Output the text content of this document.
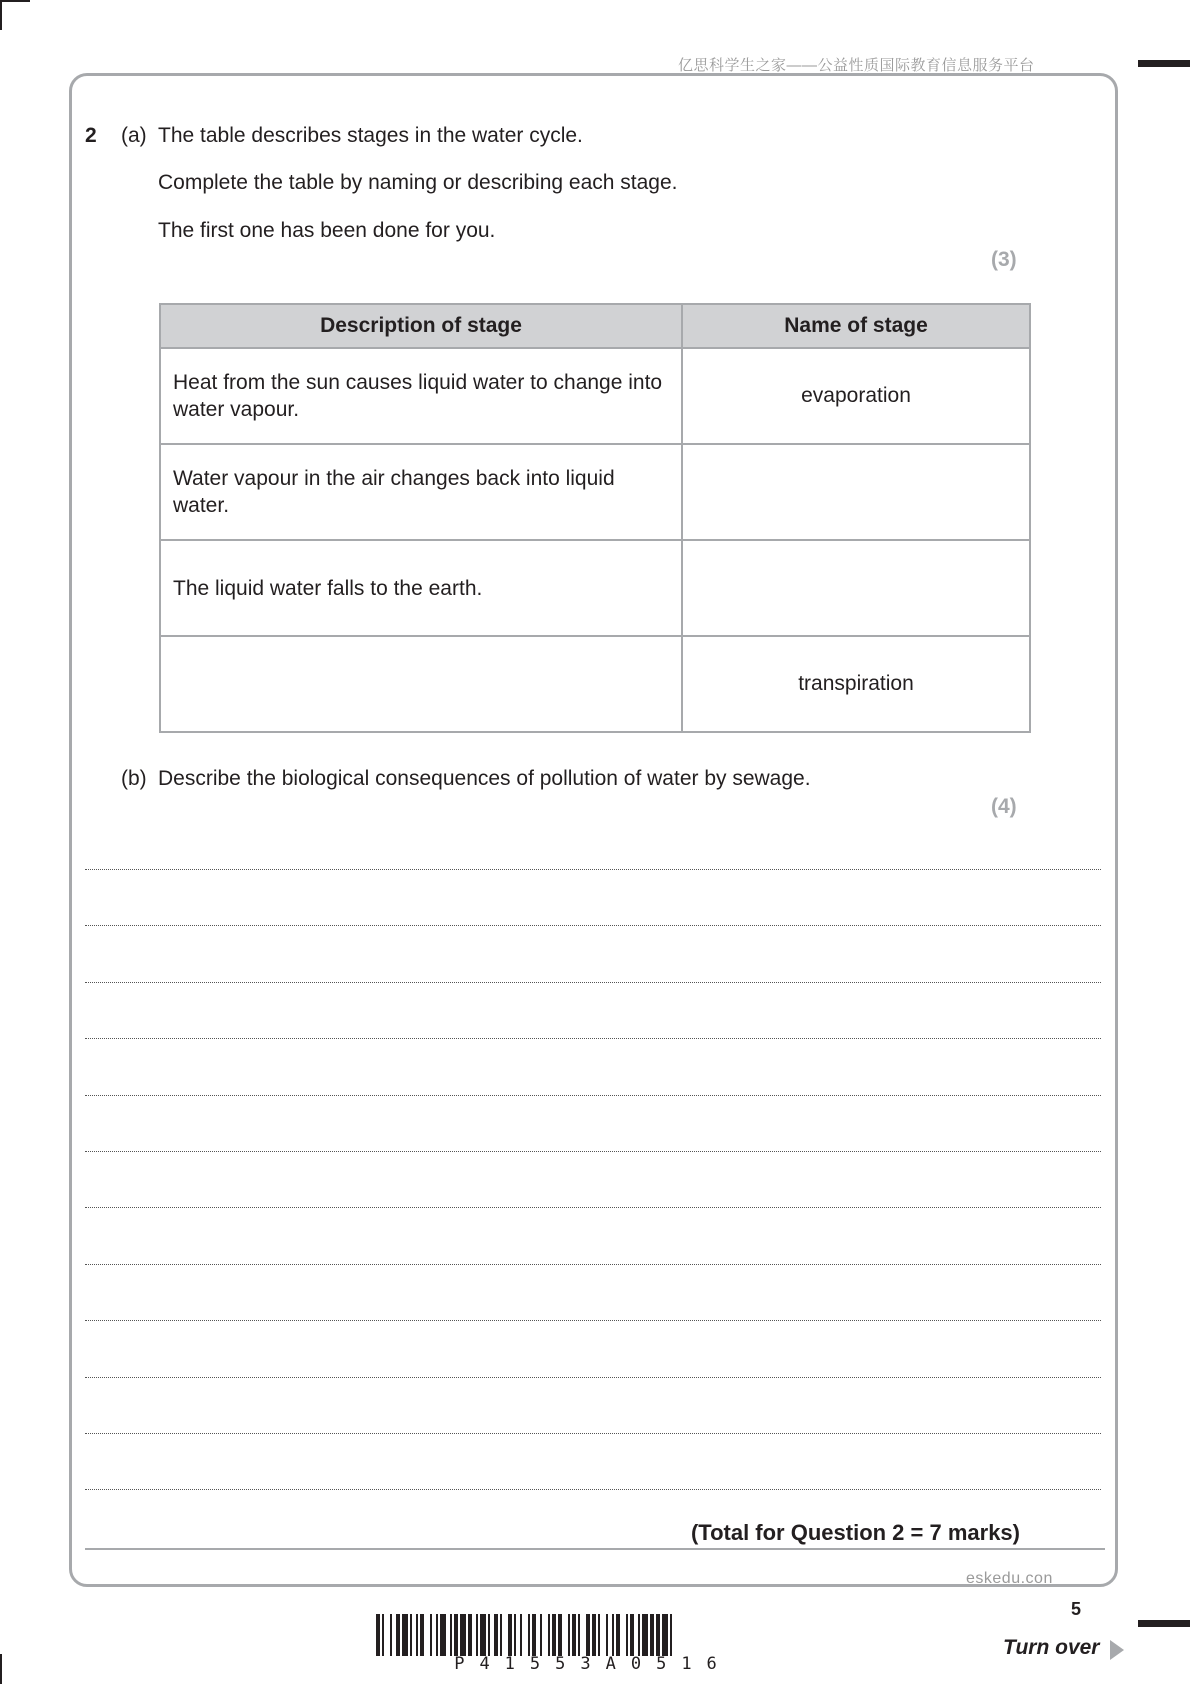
亿思科学生之家——公益性质国际教育信息服务平台
2 (a) The table describes stages in the water cycle.
Complete the table by naming or describing each stage.
The first one has been done for you.
(3)
Description of stage	Name of stage
Heat from the sun causes liquid water to change into water vapour.	evaporation
Water vapour in the air changes back into liquid water.	
The liquid water falls to the earth.	
	transpiration
(b) Describe the biological consequences of pollution of water by sewage.
(4)
(Total for Question 2 = 7 marks)
eskedu.con
5
P41553A0516
Turn over
